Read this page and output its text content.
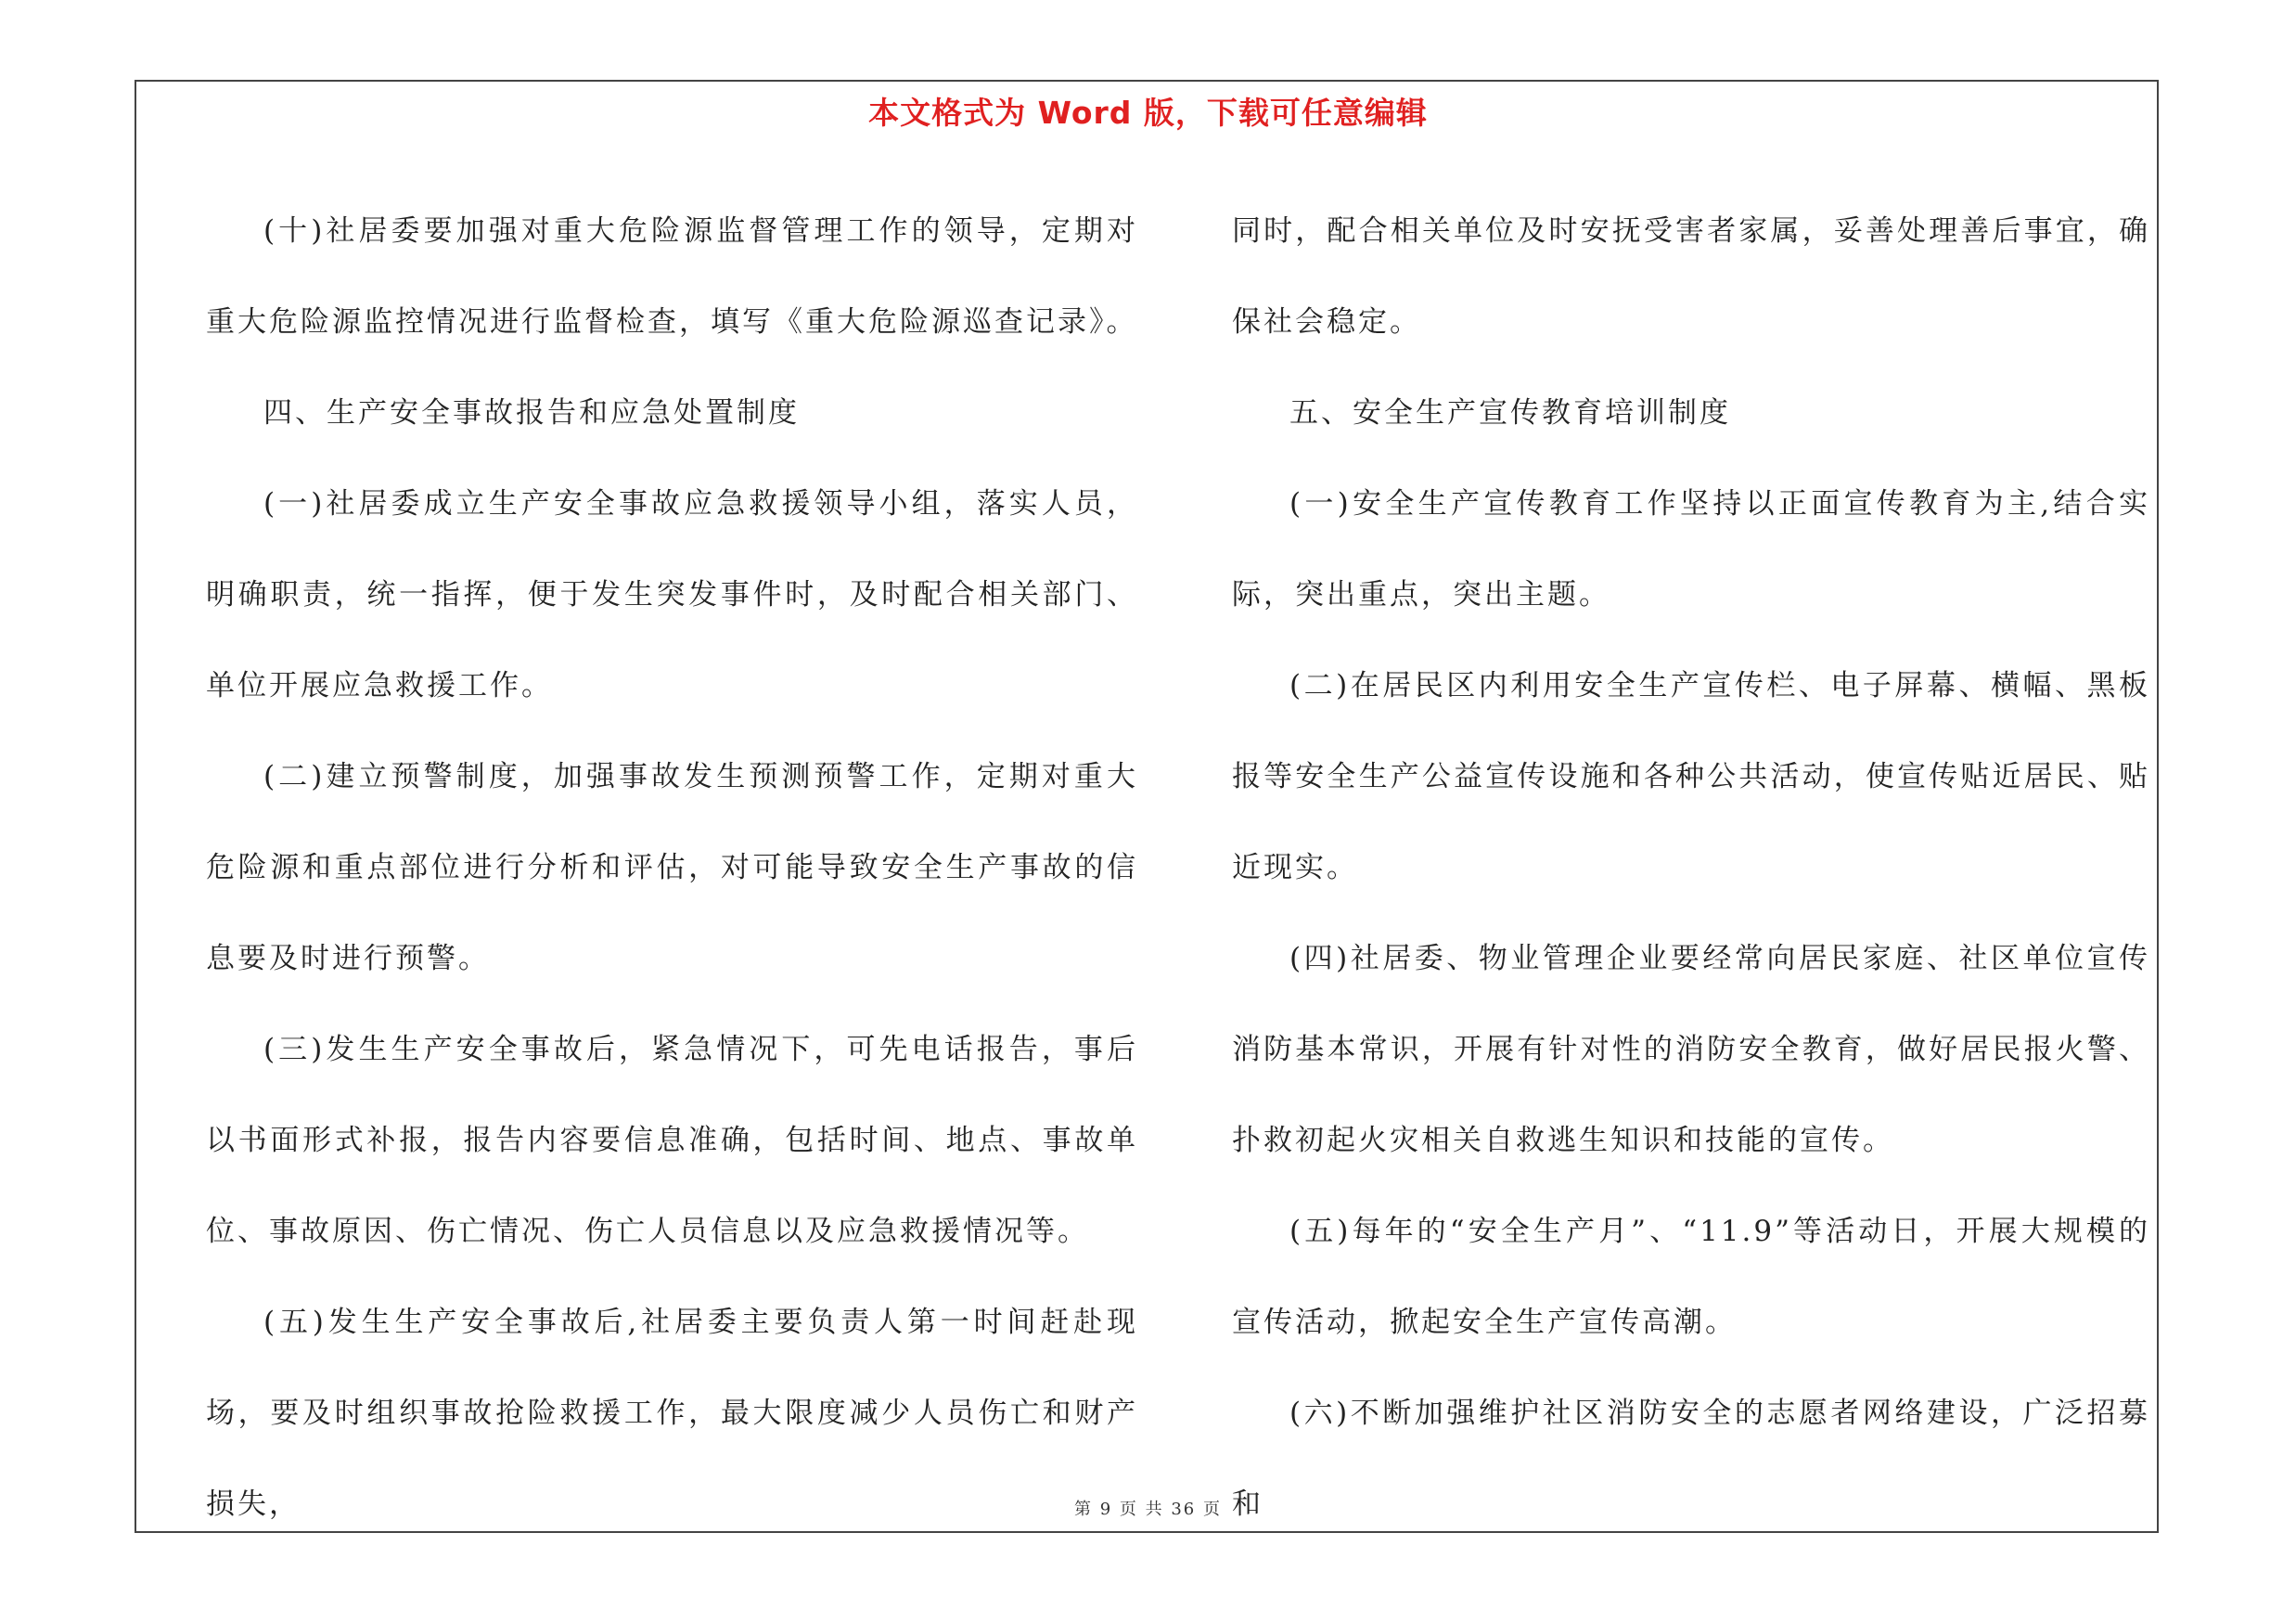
本文格式为 Word 版，下载可任意编辑

(十)社居委要加强对重大危险源监督管理工作的领导，定期对重大危险源监控情况进行监督检查，填写《重大危险源巡查记录》。

四、生产安全事故报告和应急处置制度

(一)社居委成立生产安全事故应急救援领导小组，落实人员，明确职责，统一指挥，便于发生突发事件时，及时配合相关部门、单位开展应急救援工作。

(二)建立预警制度，加强事故发生预测预警工作，定期对重大危险源和重点部位进行分析和评估，对可能导致安全生产事故的信息要及时进行预警。

(三)发生生产安全事故后，紧急情况下，可先电话报告，事后以书面形式补报，报告内容要信息准确，包括时间、地点、事故单位、事故原因、伤亡情况、伤亡人员信息以及应急救援情况等。

(五)发生生产安全事故后,社居委主要负责人第一时间赶赴现场，要及时组织事故抢险救援工作，最大限度减少人员伤亡和财产损失，

同时，配合相关单位及时安抚受害者家属，妥善处理善后事宜，确保社会稳定。

五、安全生产宣传教育培训制度

(一)安全生产宣传教育工作坚持以正面宣传教育为主,结合实际，突出重点，突出主题。

(二)在居民区内利用安全生产宣传栏、电子屏幕、横幅、黑板报等安全生产公益宣传设施和各种公共活动，使宣传贴近居民、贴近现实。

(四)社居委、物业管理企业要经常向居民家庭、社区单位宣传消防基本常识，开展有针对性的消防安全教育，做好居民报火警、扑救初起火灾相关自救逃生知识和技能的宣传。

(五)每年的“安全生产月”、“11.9”等活动日，开展大规模的宣传活动，掀起安全生产宣传高潮。

(六)不断加强维护社区消防安全的志愿者网络建设，广泛招募和

第 9 页 共 36 页
